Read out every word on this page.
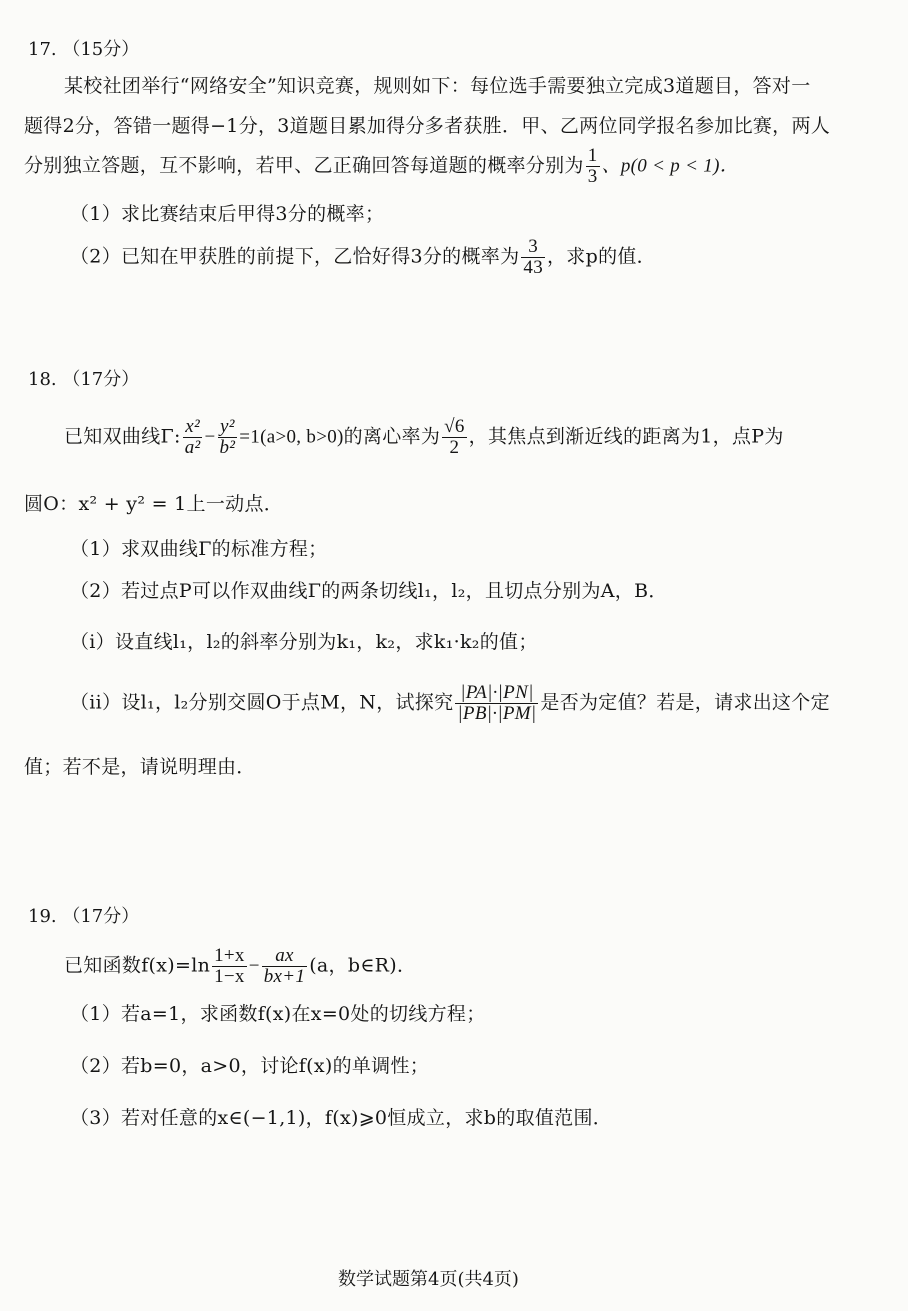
17. （15分）
某校社团举行“网络安全”知识竞赛，规则如下：每位选手需要独立完成3道题目，答对一
题得2分，答错一题得−1分，3道题目累加得分多者获胜．甲、乙两位同学报名参加比赛，两人
分别独立答题，互不影响，若甲、乙正确回答每道题的概率分别为 $\frac{1}{3}$ 、p(0 < p < 1)．
（1）求比赛结束后甲得3分的概率；
（2）已知在甲获胜的前提下，乙恰好得3分的概率为 $\frac{3}{43}$ ，求p的值．
18. （17分）
已知双曲线Γ: $\frac{\text{x²}}{\text{a²}} - \frac{\text{y²}}{\text{b²}} =1(a>0$, b>0)的离心率为 $\frac{√6}{2}$ ，其焦点到渐近线的距离为1，点P为
圆O：x² + y² = 1上一动点．
（1）求双曲线Γ的标准方程；
（2）若过点P可以作双曲线Γ的两条切线l₁，l₂，且切点分别为A，B．
（i）设直线l₁，l₂的斜率分别为k₁，k₂，求k₁·k₂的值；
（ii）设l₁，l₂分别交圆O于点M，N，试探究 $\frac{|PA|\cdot|PN|}{|PB|\cdot|PM|}$ 是否为定值？若是，请求出这个定
值；若不是，请说明理由．
19. （17分）
已知函数$f(x)=\ln \frac{1+x}{1-x} - \frac{ax}{bx+1} (a$，b∈R)．
（1）若a=1，求函数f(x)在x=0处的切线方程；
（2）若b=0，a>0，讨论f(x)的单调性；
（3）若对任意的x∈(−1,1)，f(x)⩾0恒成立，求b的取值范围．
数学试题第4页(共4页)
